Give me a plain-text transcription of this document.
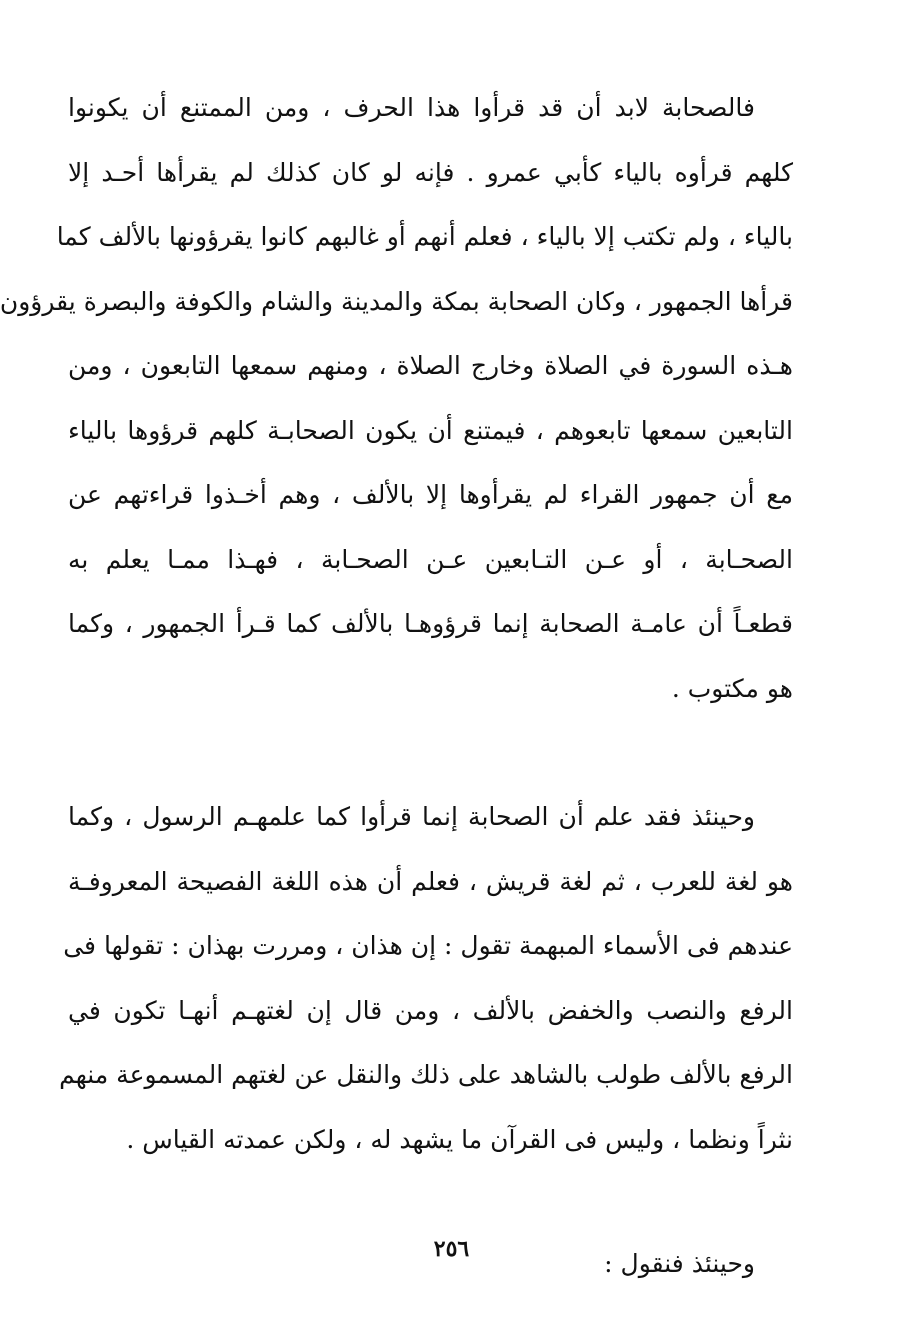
فالصحابة لابد أن قد قرأوا هذا الحرف ، ومن الممتنع أن يكونوا
كلهم قرأوه بالياء كأبي عمرو . فإنه لو كان كذلك لم يقرأها أحـد إلا
بالياء ، ولم تكتب إلا بالياء ، فعلم أنهم أو غالبهم كانوا يقرؤونها بالألف كما
قرأها الجمهور ، وكان الصحابة بمكة والمدينة والشام والكوفة والبصرة يقرؤون
هـذه السورة في الصلاة وخارج الصلاة ، ومنهم سمعها التابعون ، ومن
التابعين سمعها تابعوهم ، فيمتنع أن يكون الصحابـة كلهم قرؤوها بالياء
مع أن جمهور القراء لم يقرأوها إلا بالألف ، وهم أخـذوا قراءتهم عن
الصحـابة ، أو عـن التـابعين عـن الصحـابة ، فهـذا ممـا يعلم به
قطعـاً أن عامـة الصحابة إنما قرؤوهـا بالألف كما قـرأ الجمهور ، وكما
هو مكتوب .
وحينئذ فقد علم أن الصحابة إنما قرأوا كما علمهـم الرسول ، وكما
هو لغة للعرب ، ثم لغة قريش ، فعلم أن هذه اللغة الفصيحة المعروفـة
عندهم فى الأسماء المبهمة تقول : إن هذان ، ومررت بهذان : تقولها فى
الرفع والنصب والخفض بالألف ، ومن قال إن لغتهـم أنهـا تكون في
الرفع بالألف طولب بالشاهد على ذلك والنقل عن لغتهم المسموعة منهم
نثراً ونظما ، وليس فى القرآن ما يشهد له ، ولكن عمدته القياس .
وحينئذ فنقول :
٢٥٦
